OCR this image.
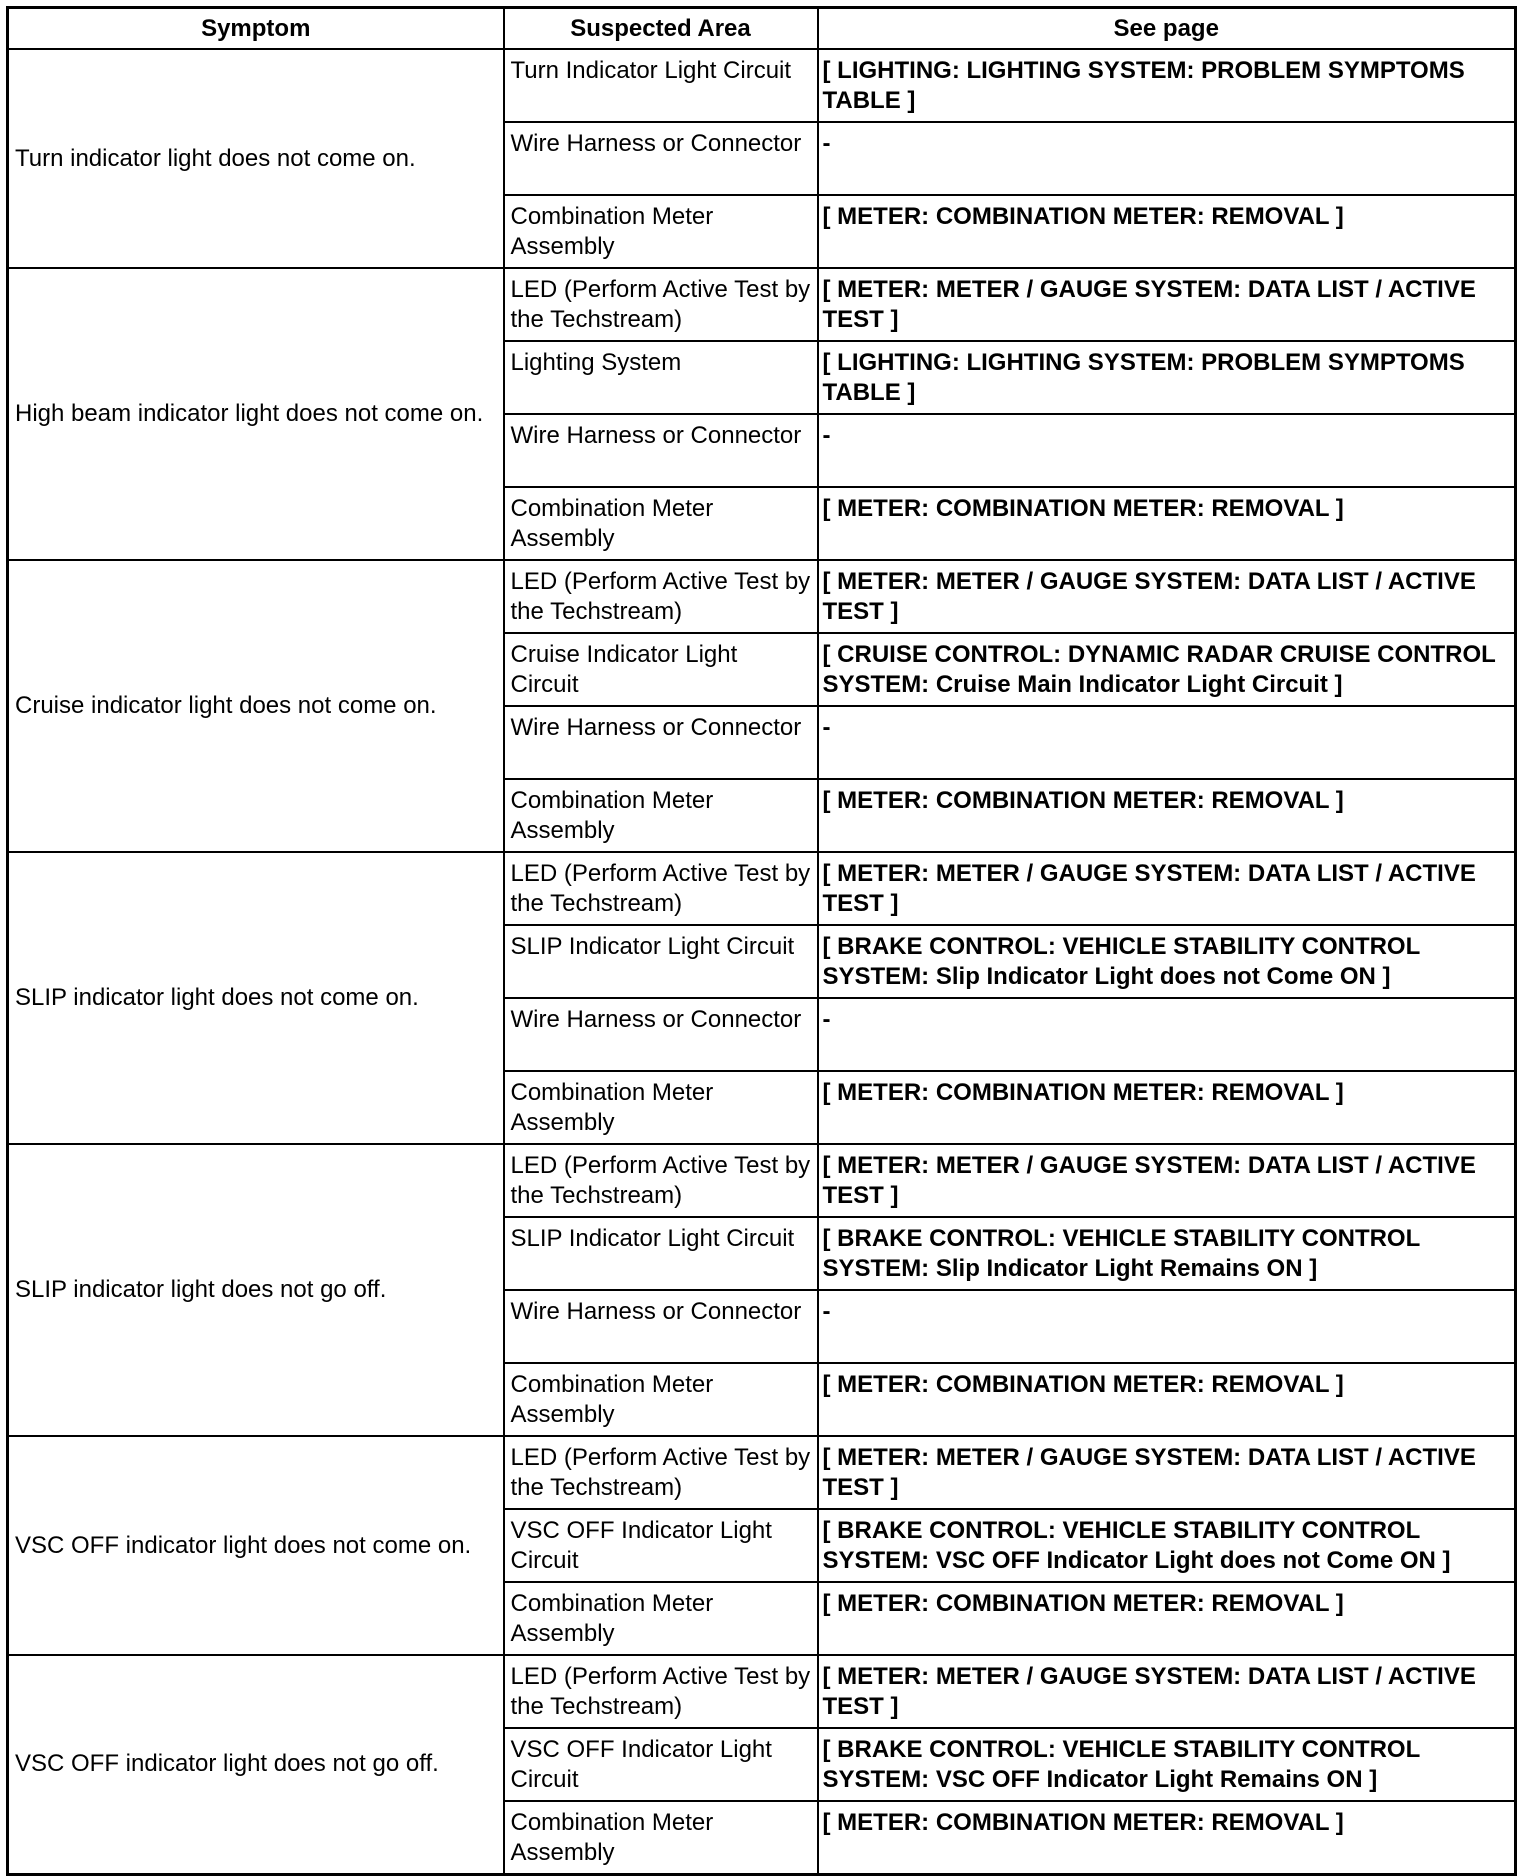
Symptom	Suspected Area	See page
Turn indicator light does not come on.	Turn Indicator Light Circuit	[ LIGHTING: LIGHTING SYSTEM: PROBLEM SYMPTOMS TABLE ]
	Wire Harness or Connector	-
	Combination Meter Assembly	[ METER: COMBINATION METER: REMOVAL ]
High beam indicator light does not come on.	LED (Perform Active Test by the Techstream)	[ METER: METER / GAUGE SYSTEM: DATA LIST / ACTIVE TEST ]
	Lighting System	[ LIGHTING: LIGHTING SYSTEM: PROBLEM SYMPTOMS TABLE ]
	Wire Harness or Connector	-
	Combination Meter Assembly	[ METER: COMBINATION METER: REMOVAL ]
Cruise indicator light does not come on.	LED (Perform Active Test by the Techstream)	[ METER: METER / GAUGE SYSTEM: DATA LIST / ACTIVE TEST ]
	Cruise Indicator Light Circuit	[ CRUISE CONTROL: DYNAMIC RADAR CRUISE CONTROL SYSTEM: Cruise Main Indicator Light Circuit ]
	Wire Harness or Connector	-
	Combination Meter Assembly	[ METER: COMBINATION METER: REMOVAL ]
SLIP indicator light does not come on.	LED (Perform Active Test by the Techstream)	[ METER: METER / GAUGE SYSTEM: DATA LIST / ACTIVE TEST ]
	SLIP Indicator Light Circuit	[ BRAKE CONTROL: VEHICLE STABILITY CONTROL SYSTEM: Slip Indicator Light does not Come ON ]
	Wire Harness or Connector	-
	Combination Meter Assembly	[ METER: COMBINATION METER: REMOVAL ]
SLIP indicator light does not go off.	LED (Perform Active Test by the Techstream)	[ METER: METER / GAUGE SYSTEM: DATA LIST / ACTIVE TEST ]
	SLIP Indicator Light Circuit	[ BRAKE CONTROL: VEHICLE STABILITY CONTROL SYSTEM: Slip Indicator Light Remains ON ]
	Wire Harness or Connector	-
	Combination Meter Assembly	[ METER: COMBINATION METER: REMOVAL ]
VSC OFF indicator light does not come on.	LED (Perform Active Test by the Techstream)	[ METER: METER / GAUGE SYSTEM: DATA LIST / ACTIVE TEST ]
	VSC OFF Indicator Light Circuit	[ BRAKE CONTROL: VEHICLE STABILITY CONTROL SYSTEM: VSC OFF Indicator Light does not Come ON ]
	Combination Meter Assembly	[ METER: COMBINATION METER: REMOVAL ]
VSC OFF indicator light does not go off.	LED (Perform Active Test by the Techstream)	[ METER: METER / GAUGE SYSTEM: DATA LIST / ACTIVE TEST ]
	VSC OFF Indicator Light Circuit	[ BRAKE CONTROL: VEHICLE STABILITY CONTROL SYSTEM: VSC OFF Indicator Light Remains ON ]
	Combination Meter Assembly	[ METER: COMBINATION METER: REMOVAL ]
